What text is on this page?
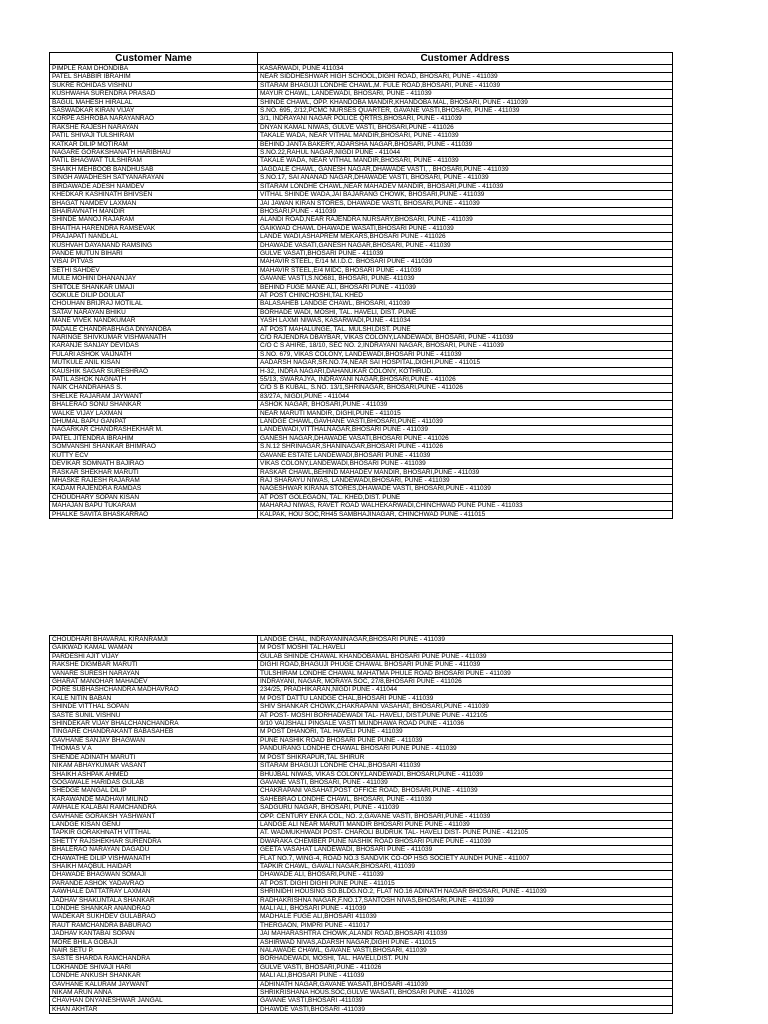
Customer Name	Customer Address
PIMPLE RAM DHONDIBA	KASARWADI, PUNE 411034
PATEL SHABBIR IBRAHIM	NEAR SIDDHESHWAR HIGH SCHOOL,DIGHI ROAD, BHOSARI, PUNE - 411039
SUKRE ROHIDAS VISHNU	SITARAM BHAGUJI LONDHE CHAWL,M. FULE ROAD,BHOSARI, PUNE - 411039
KUSHWAHA SURENDRA PRASAD	MAYUR CHAWL, LANDEWADI, BHOSARI, PUNE - 411039
BAGUL MAHESH HIRALAL	SHINDE CHAWL, OPP. KHANDOBA MANDIR,KHANDOBA MAL, BHOSARI, PUNE - 411039
SASWADKAR KIRAN VIJAY	S.NO. 695, 2/12,PCMC NURSES QUARTER, GAVANE VASTI,BHOSARI, PUNE - 411039
KORPE ASHROBA NARAYANRAO	3/1, INDRAYANI NAGAR POLICE QRTRS,BHOSARI, PUNE - 411039
RAKSHE RAJESH NARAYAN	DNYAN KAMAL NIWAS, GULVE VASTI, BHOSARI,PUNE - 411026
PATIL SHIVAJI TULSHIRAM	TAKALE WADA, NEAR VITHAL MANDIR,BHOSARI, PUNE - 411039
KATKAR DILIP MOTIRAM	BEHIND JANTA BAKERY, ADARSHA NAGAR,BHOSARI, PUNE - 411039
NAGARE GORAKSHANATH HARIBHAU	S.NO.22,RAHUL NAGAR,NIGDI PUNE - 411044
PATIL BHAGWAT TULSHIRAM	TAKALE WADA, NEAR VITHAL MANDIR,BHOSARI, PUNE - 411039
SHAIKH MEHBOOB BANDHUSAB	JAGDALE CHAWL, GANESH NAGAR,DHAWADE VASTI, , BHOSARI,PUNE - 411039
SINGH AWADHESH SATYANARAYAN	S.NO.17, SAI ANANAD NAGAR,DHAWADE VASTI, BHOSARI, PUNE - 411039
BIRDAWADE ADESH NAMDEV	SITARAM LONDHE CHAWL,NEAR MAHADEV MANDIR, BHOSARI,PUNE - 411039
KHEDKAR KASHINATH BHIVSEN	VITHAL SHINDE WADA,JAI BAJARANG CHOWK, BHOSARI,PUNE - 411039
BHAGAT NAMDEV LAXMAN	JAI JAWAN KIRAN STORES, DHAWADE VASTI, BHOSARI,PUNE - 411039
BHAIRAVNATH MANDIR	BHOSARI,PUNE - 411039
SHINDE MANOJ RAJARAM	ALANDI ROAD,NEAR RAJENDRA NURSARY,BHOSARI, PUNE - 411039
BHAITHA HARENDRA RAMSEVAK	GAIKWAD CHAWL DHAWADE WASATI,BHOSARI PUNE - 411039
PRAJAPATI NANDLAL	LANDE WADI,ASHAPREM MEKARS,BHOSARI PUNE - 411026
KUSHVAH DAYANAND RAMSING	DHAWADE VASATI,GANESH NAGAR,BHOSARI, PUNE - 411039
PANDE MUTUN BIHARI	GULVE VASATI,BHOSARI PUNE - 411039
VISAI PITVAS	MAHAVIR STEEL, E/14 M.I.D.C. BHOSARI PUNE - 411039
SETHI SAHDEV	MAHAVIR STEEL,E/4 MIDC, BHOSARI PUNE - 411039
MULE MOHINI DHANANJAY	GAVANE VASTI,S.NO681, BHOSARI, PUNE- 411039
SHITOLE SHANKAR UMAJI	BEHIND FUGE MANE ALI, BHOSARI PUNE - 411039
GOKULE DILIP DOULAT	AT POST CHINCHOSHI,TAL KHED
CHOUHAN BRIJRAJ MOTILAL	BALASAHEB LANDGE CHAWL, BHOSARI, 411039
SATAV NARAYAN BHIKU	BORHADE WADI, MOSHI, TAL. HAVELI, DIST. PUNE
MANE VIVEK NANDKUMAR	YASH LAXMI NIWAS, KASARWADI,PUNE - 411034
PADALE CHANDRABHAGA DNYANOBA	AT POST MAHALUNGE, TAL. MULSHI,DIST. PUNE
NARINGE SHIVKUMAR VISHWANATH	C/O RAJENDRA DBAYBAR, VIKAS COLONY,LANDEWADI, BHOSARI, PUNE - 411039
KARANJE SANJAY DEVIDAS	C/O C S AHIRE, 18/10, SEC NO. 2,INDRAYANI NAGAR, BHOSARI, PUNE - 411039
FULARI ASHOK VAIJNATH	S.NO. 679, VIKAS COLONY, LANDEWADI,BHOSARI PUNE - 411039
MUTKULE ANIL KISAN	AADARSH NAGAR,SR.NO.74,NEAR SAI HOSPITAL,DIGHI,PUNE - 411015
KAUSHIK SAGAR SURESHRAO	H-32, INDRA NAGARI,DAHANUKAR COLONY, KOTHRUD.
PATIL ASHOK NAGNATH	55/13, SWARAJYA, INDRAYANI NAGAR,BHOSARI,PUNE - 411026
NAIK CHANDRAHAS S.	C/O S B KUBAL, S.NO. 13/1,SHRINAGAR, BHOSARI,PUNE - 411026
SHELKE RAJARAM JAYWANT	83/27A, NIGDI,PUNE - 411044
BHALERAO SONU SHANKAR	ASHOK NAGAR, BHOSARI,PUNE - 411039
WALKE VIJAY LAXMAN	NEAR MARUTI MANDIR, DIGHI,PUNE - 411015
DHUMAL BAPU GANPAT	LANDGE CHAWL,GAVHANE VASTI,BHOSARI,PUNE - 411039
NAGARKAR CHANDRASHEKHAR M.	LANDEWADI,VITTHALNAGAR,BHOSARI PUNE - 411039
PATEL JITENDRA IBRAHIM	GANESH NAGAR,DHAWADE VASATI,BHOSARI PUNE - 411026
SOMVANSHI SHANKAR BHIMRAO	S.N.12 SHRINAGAR,SHANINAGAR,BHOSARI PUNE - 411026
KUTTY ECV	GAVANE ESTATE LANDEWADI,BHOSARI PUNE - 411039
DEVIKAR SOMNATH BAJIRAO	VIKAS COLONY,LANDEWADI,BHOSARI PUNE - 411039
RASKAR SHEKHAR MARUTI	RASKAR CHAWL,BEHIND MAHADEV MANDIR, BHOSARI,PUNE - 411039
MHASKE RAJESH RAJARAM	RAJ SHARAYU NIWAS, LANDEWADI,BHOSARI, PUNE - 411039
KADAM RAJENDRA RAMDAS	NAGESHWAR KIRANA STORES,DHAWADE VASTI, BHOSARI,PUNE - 411039
CHOUDHARY SOPAN KISAN	AT POST GOLEGAON, TAL. KHED,DIST. PUNE
MAHAJAN BAPU TUKARAM	MAHARAJ NIWAS, RAVET ROAD WALHEKARWADI,CHINCHWAD PUNE PUNE - 411033
PHALKE SAVITA BHASKARRAO	KALPAK, HOU SOC,RH45 SAMBHAJINAGAR, CHINCHWAD PUNE - 411015
CHOUDHARI BHAVARAL KIRANRAMJI	LANDGE CHAL, INDRAYANINAGAR,BHOSARI PUNE - 411039
GAIKWAD KAMAL WAMAN	M POST MOSHI TAL.HAVELI
PARDESHI AJIT VIJAY	GULAB SHINDE CHAWAL KHANDOBAMAL BHOSARI PUNE PUNE - 411039
RAKSHE DIGMBAR MARUTI	DIGHI ROAD,BHAGUJI PHUGE CHAWAL BHOSARI PUNE PUNE - 411039
VANARE SURESH NARAYAN	TULSHIRAM LONDHE CHAWAL MAHATMA PHULE ROAD BHOSARI PUNE - 411039
GHARAT MANOHAR MAHADEV	INDRAYANI, NAGAR, MORAYA SOC, 27/8,BHOSARI PUNE - 411026
PORE SUBHASHCHANDRA MADHAVRAO	234/25, PRADHIKARAN,NIGDI PUNE - 411044
KALE NITIN BABAN	M POST DATTU LANDGE CHAL,BHOSARI PUNE - 411039
SHINDE VITTHAL SOPAN	SHIV SHANKAR CHOWK,CHAKRAPANI VASAHAT, BHOSARI,PUNE - 411039
SASTE SUNIL VISHNU	AT POST- MOSHI BORHADEWADI TAL- HAVELI, DIST.PUNE PUNE - 412105
SHINDEKAR VIJAY BHALCHANCHANDRA	9/10 VAIJSHALI PINGALE VASTI MUNDHAWA ROAD PUNE - 411036
TINGARE CHANDRAKANT BABASAHEB	M POST DHANORI, TAL HAVELI PUNE - 411039
GAVHANE SANJAY BHAGWAN	PUNE NASHIK ROAD BHOSARI PUNE PUNE - 411039
THOMAS V A	PANDURANG LONDHE CHAWAL BHOSARI PUNE PUNE - 411039
SHENDE ADINATH MARUTI	M POST SHIKRAPUR,TAL SHIRUR
NIKAM ABHAYKUMAR VASANT	SITARAM BHAGUJI LONDHE CHAL,BHOSARI 411039
SHAIKH ASHPAK AHMED	BHUJBAL NIWAS, VIKAS COLONY,LANDEWADI, BHOSARI,PUNE - 411039
GOGAWALE HARIDAS GULAB	GAVANE VASTI, BHOSARI, PUNE - 411039
SHEDGE MANGAL DILIP	CHAKRAPANI VASAHAT,POST OFFICE ROAD, BHOSARI,PUNE - 411039
KARAWANDE MADHAVI MILIND	SAHEBRAO LONDHE CHAWL, BHOSARI, PUNE - 411039
AWHALE KALABAI RAMCHANDRA	SADGURU NAGAR, BHOSARI, PUNE - 411039
GAVHANE GORAKSH YASHWANT	OPP. CENTURY ENKA COL, NO. 2,GAVANE VASTI, BHOSARI,PUNE - 411039
LANDGE KISAN GENU	LANDGE ALI NEAR MARUTI MANDIR BHOSARI PUNE PUNE - 411039
TAPKIR GORAKHNATH VITTHAL	AT. WADMUKHWADI POST- CHAROLI BUDRUK TAL- HAVELI DIST- PUNE PUNE - 412105
SHETTY RAJSHEKHAR SURENDRA	DWARAKA CHEMBER PUNE NASHIK ROAD BHOSARI PUNE PUNE - 411039
BHALERAO NARAYAN DAGADU	GEETA VASAHAT LANDEWADI, BHOSARI PUNE - 411039
CHAWATHE DILIP VISHWANATH	FLAT NO.7, WING-4, ROAD NO.3 SANDVIK CO-OP HSG SOCIETY AUNDH PUNE - 411007
SHAIKH MAQBUL HAIDAR	TAPKIR CHAWL, GAVALI NAGAR,BHOSARI, 411039
DHAWADE BHAGWAN SOMAJI	DHAWADE ALI, BHOSARI,PUNE - 411039
PARANDE ASHOK YADAVRAO	AT POST. DIGHI DIGHI PUNE PUNE - 411015
AAWHALE DATTATRAY LAXMAN	SHRINIDHI HOUSING SO.BLDG.NO.2, FLAT NO.16 ADINATH NAGAR BHOSARI, PUNE - 411039
JADHAV SHAKUNTALA SHANKAR	RADHAKRISHNA NAGAR,F.NO.17,SANTOSH NIVAS,BHOSARI,PUNE - 411039
LONDHE SHANKAR ANANDRAO	MALI ALI, BHOSARI PUNE - 411039
WADEKAR SUKHDEV GULABRAO	MADHALE FUGE ALI,BHOSARI 411039
RAUT RAMCHANDRA BABURAO	THERGAON, PIMPRI PUNE - 411017
JADHAV KANTABAI SOPAN	JAI MAHARASHTRA CHOWK,ALANDI ROAD,BHOSARI 411039
MORE BHILA GOBAJI	ASHIRWAD NIVAS,ADARSH NAGAR,DIGHI PUNE - 411015
NAIR SETU P.	NALAWADE CHAWL, GAVANE VASTI,BHOSARI, 411039
SASTE SHARDA RAMCHANDRA	BORHADEWADI, MOSHI, TAL. HAVELI,DIST. PUN
LOKHANDE SHIVAJI HARI	GULVE VASTI, BHOSARI,PUNE - 411026
LONDHE ANKUSH SHANKAR	MALI ALI,BHOSARI PUNE - 411039
GAVHANE KALURAM JAYWANT	ADHINATH NAGAR,GAVANE WASATI,BHOSARI -411039
NIKAM ARUN ANNA	SHRIKRISHANA HOUS.SOC,GULVE WASATI, BHOSARI PUNE - 411026
CHAVHAN DNYANESHWAR JANGAL	GAVANE VASTI,BHOSARI -411039
KHAN AKHTAR	DHAWDE VASTI,BHOSARI -411039
